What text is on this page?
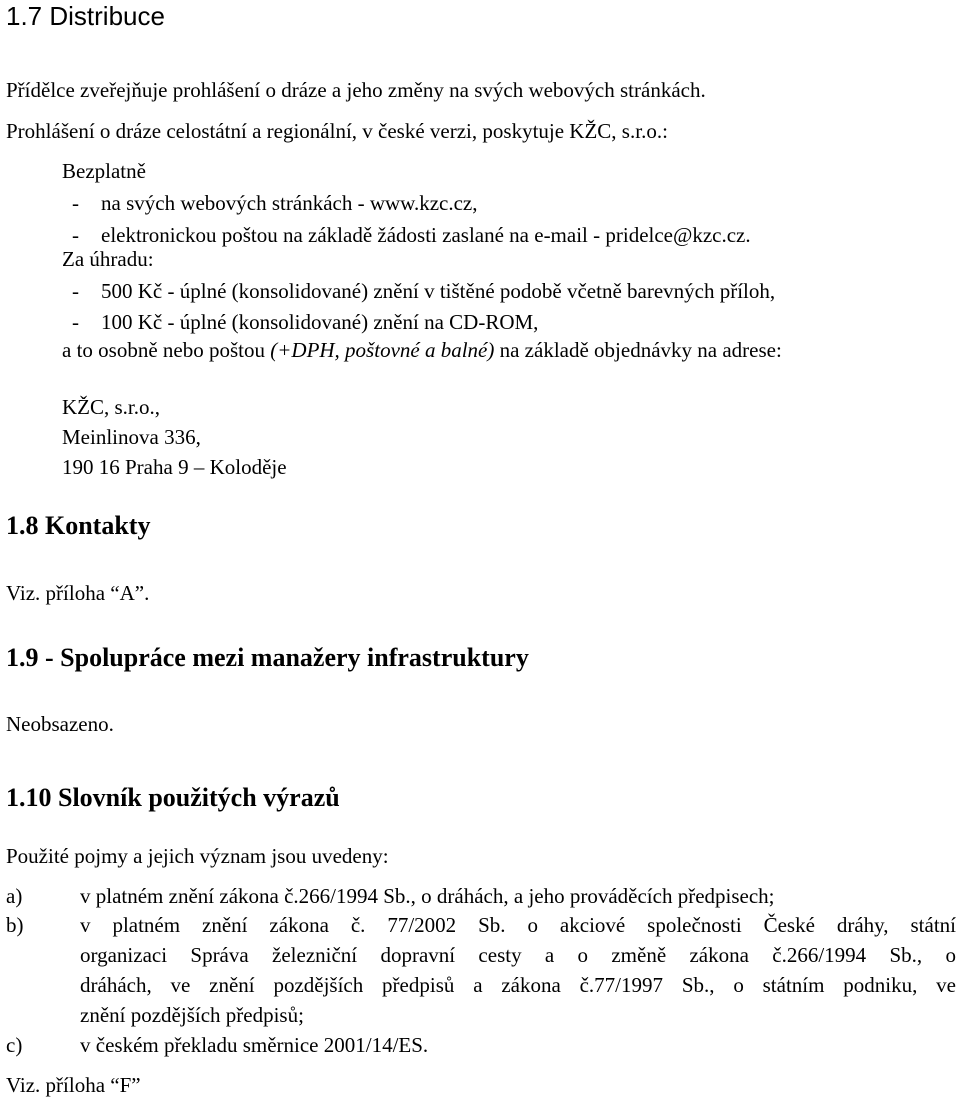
1.7 Distribuce
Přídělce zveřejňuje prohlášení o dráze a jeho změny na svých webových stránkách.
Prohlášení o dráze celostátní a regionální, v české verzi, poskytuje KŽC, s.r.o.:
Bezplatně
- na svých webových stránkách - www.kzc.cz,
- elektronickou poštou na základě žádosti zaslané na e-mail - pridelce@kzc.cz.
Za úhradu:
- 500 Kč - úplné (konsolidované) znění v tištěné podobě včetně barevných příloh,
- 100 Kč - úplné (konsolidované) znění na CD-ROM,
a to osobně nebo poštou (+DPH, poštovné a balné) na základě objednávky na adrese:
KŽC, s.r.o.,
Meinlinova 336,
190 16 Praha 9 – Koloděje
1.8 Kontakty
Viz. příloha “A”.
1.9 - Spolupráce mezi manažery infrastruktury
Neobsazeno.
1.10 Slovník použitých výrazů
Použité pojmy a jejich význam jsou uvedeny:
a)	v platném znění zákona č.266/1994 Sb., o dráhách, a jeho prováděcích předpisech;
b)	v platném znění zákona č. 77/2002 Sb. o akciové společnosti České dráhy, státní
organizaci Správa železniční dopravní cesty a o změně zákona č.266/1994 Sb., o
dráhách, ve znění pozdějších předpisů a zákona č.77/1997 Sb., o státním podniku, ve
znění pozdějších předpisů;
c)	v českém překladu směrnice 2001/14/ES.
Viz. příloha “F”
